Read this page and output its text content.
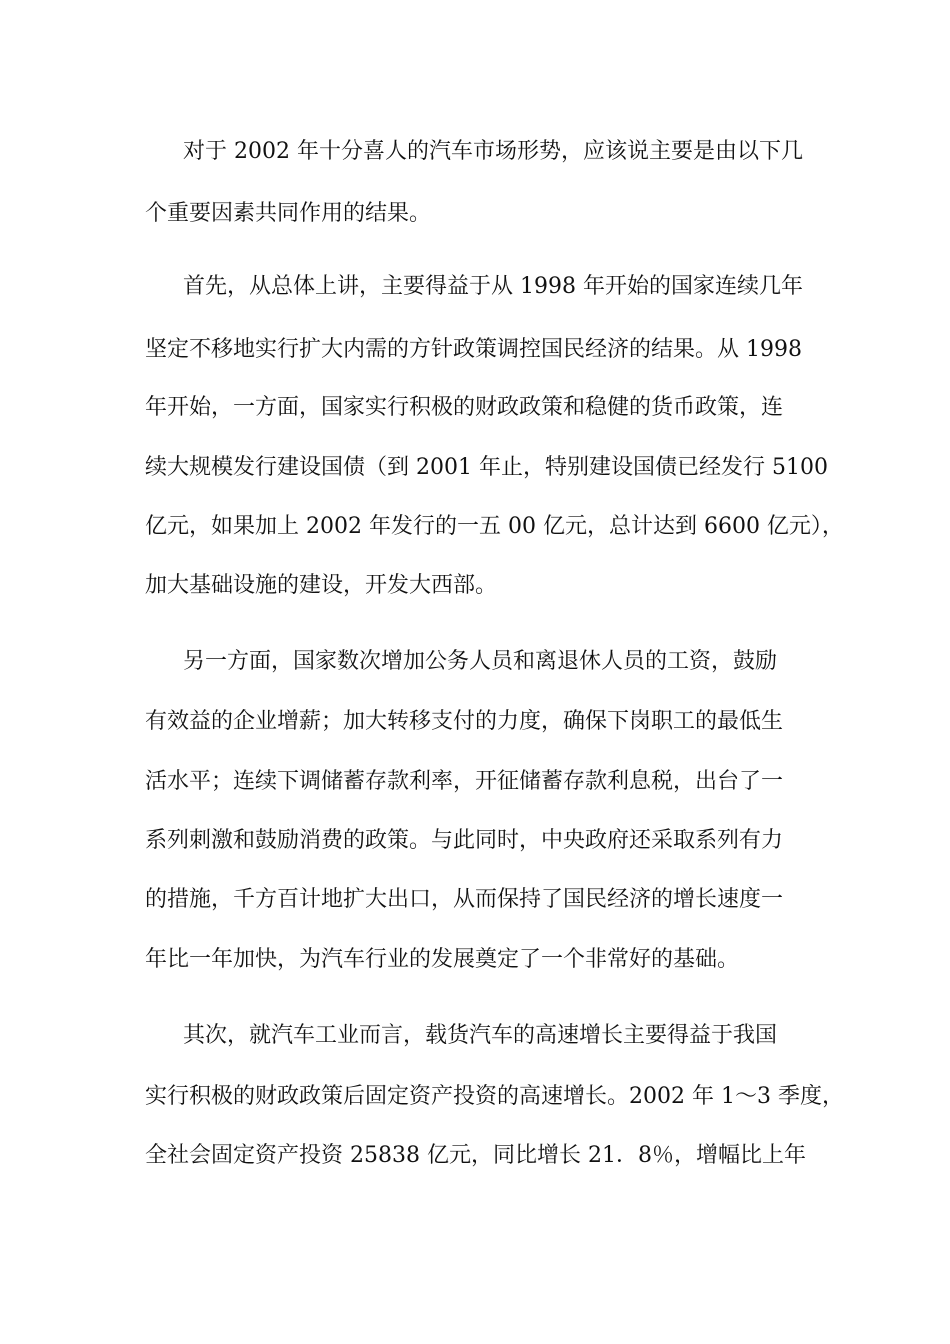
对于 2002 年十分喜人的汽车市场形势，应该说主要是由以下几
个重要因素共同作用的结果。
首先，从总体上讲，主要得益于从 1998 年开始的国家连续几年
坚定不移地实行扩大内需的方针政策调控国民经济的结果。从 1998
年开始，一方面，国家实行积极的财政政策和稳健的货币政策，连
续大规模发行建设国债（到 2001 年止，特别建设国债已经发行 5100
亿元，如果加上 2002 年发行的一五 00 亿元，总计达到 6600 亿元），
加大基础设施的建设，开发大西部。
另一方面，国家数次增加公务人员和离退休人员的工资，鼓励
有效益的企业增薪；加大转移支付的力度，确保下岗职工的最低生
活水平；连续下调储蓄存款利率，开征储蓄存款利息税，出台了一
系列刺激和鼓励消费的政策。与此同时，中央政府还采取系列有力
的措施，千方百计地扩大出口，从而保持了国民经济的增长速度一
年比一年加快，为汽车行业的发展奠定了一个非常好的基础。
其次，就汽车工业而言，载货汽车的高速增长主要得益于我国
实行积极的财政政策后固定资产投资的高速增长。2002 年 1～3 季度，
全社会固定资产投资 25838 亿元，同比增长 21．8％，增幅比上年
